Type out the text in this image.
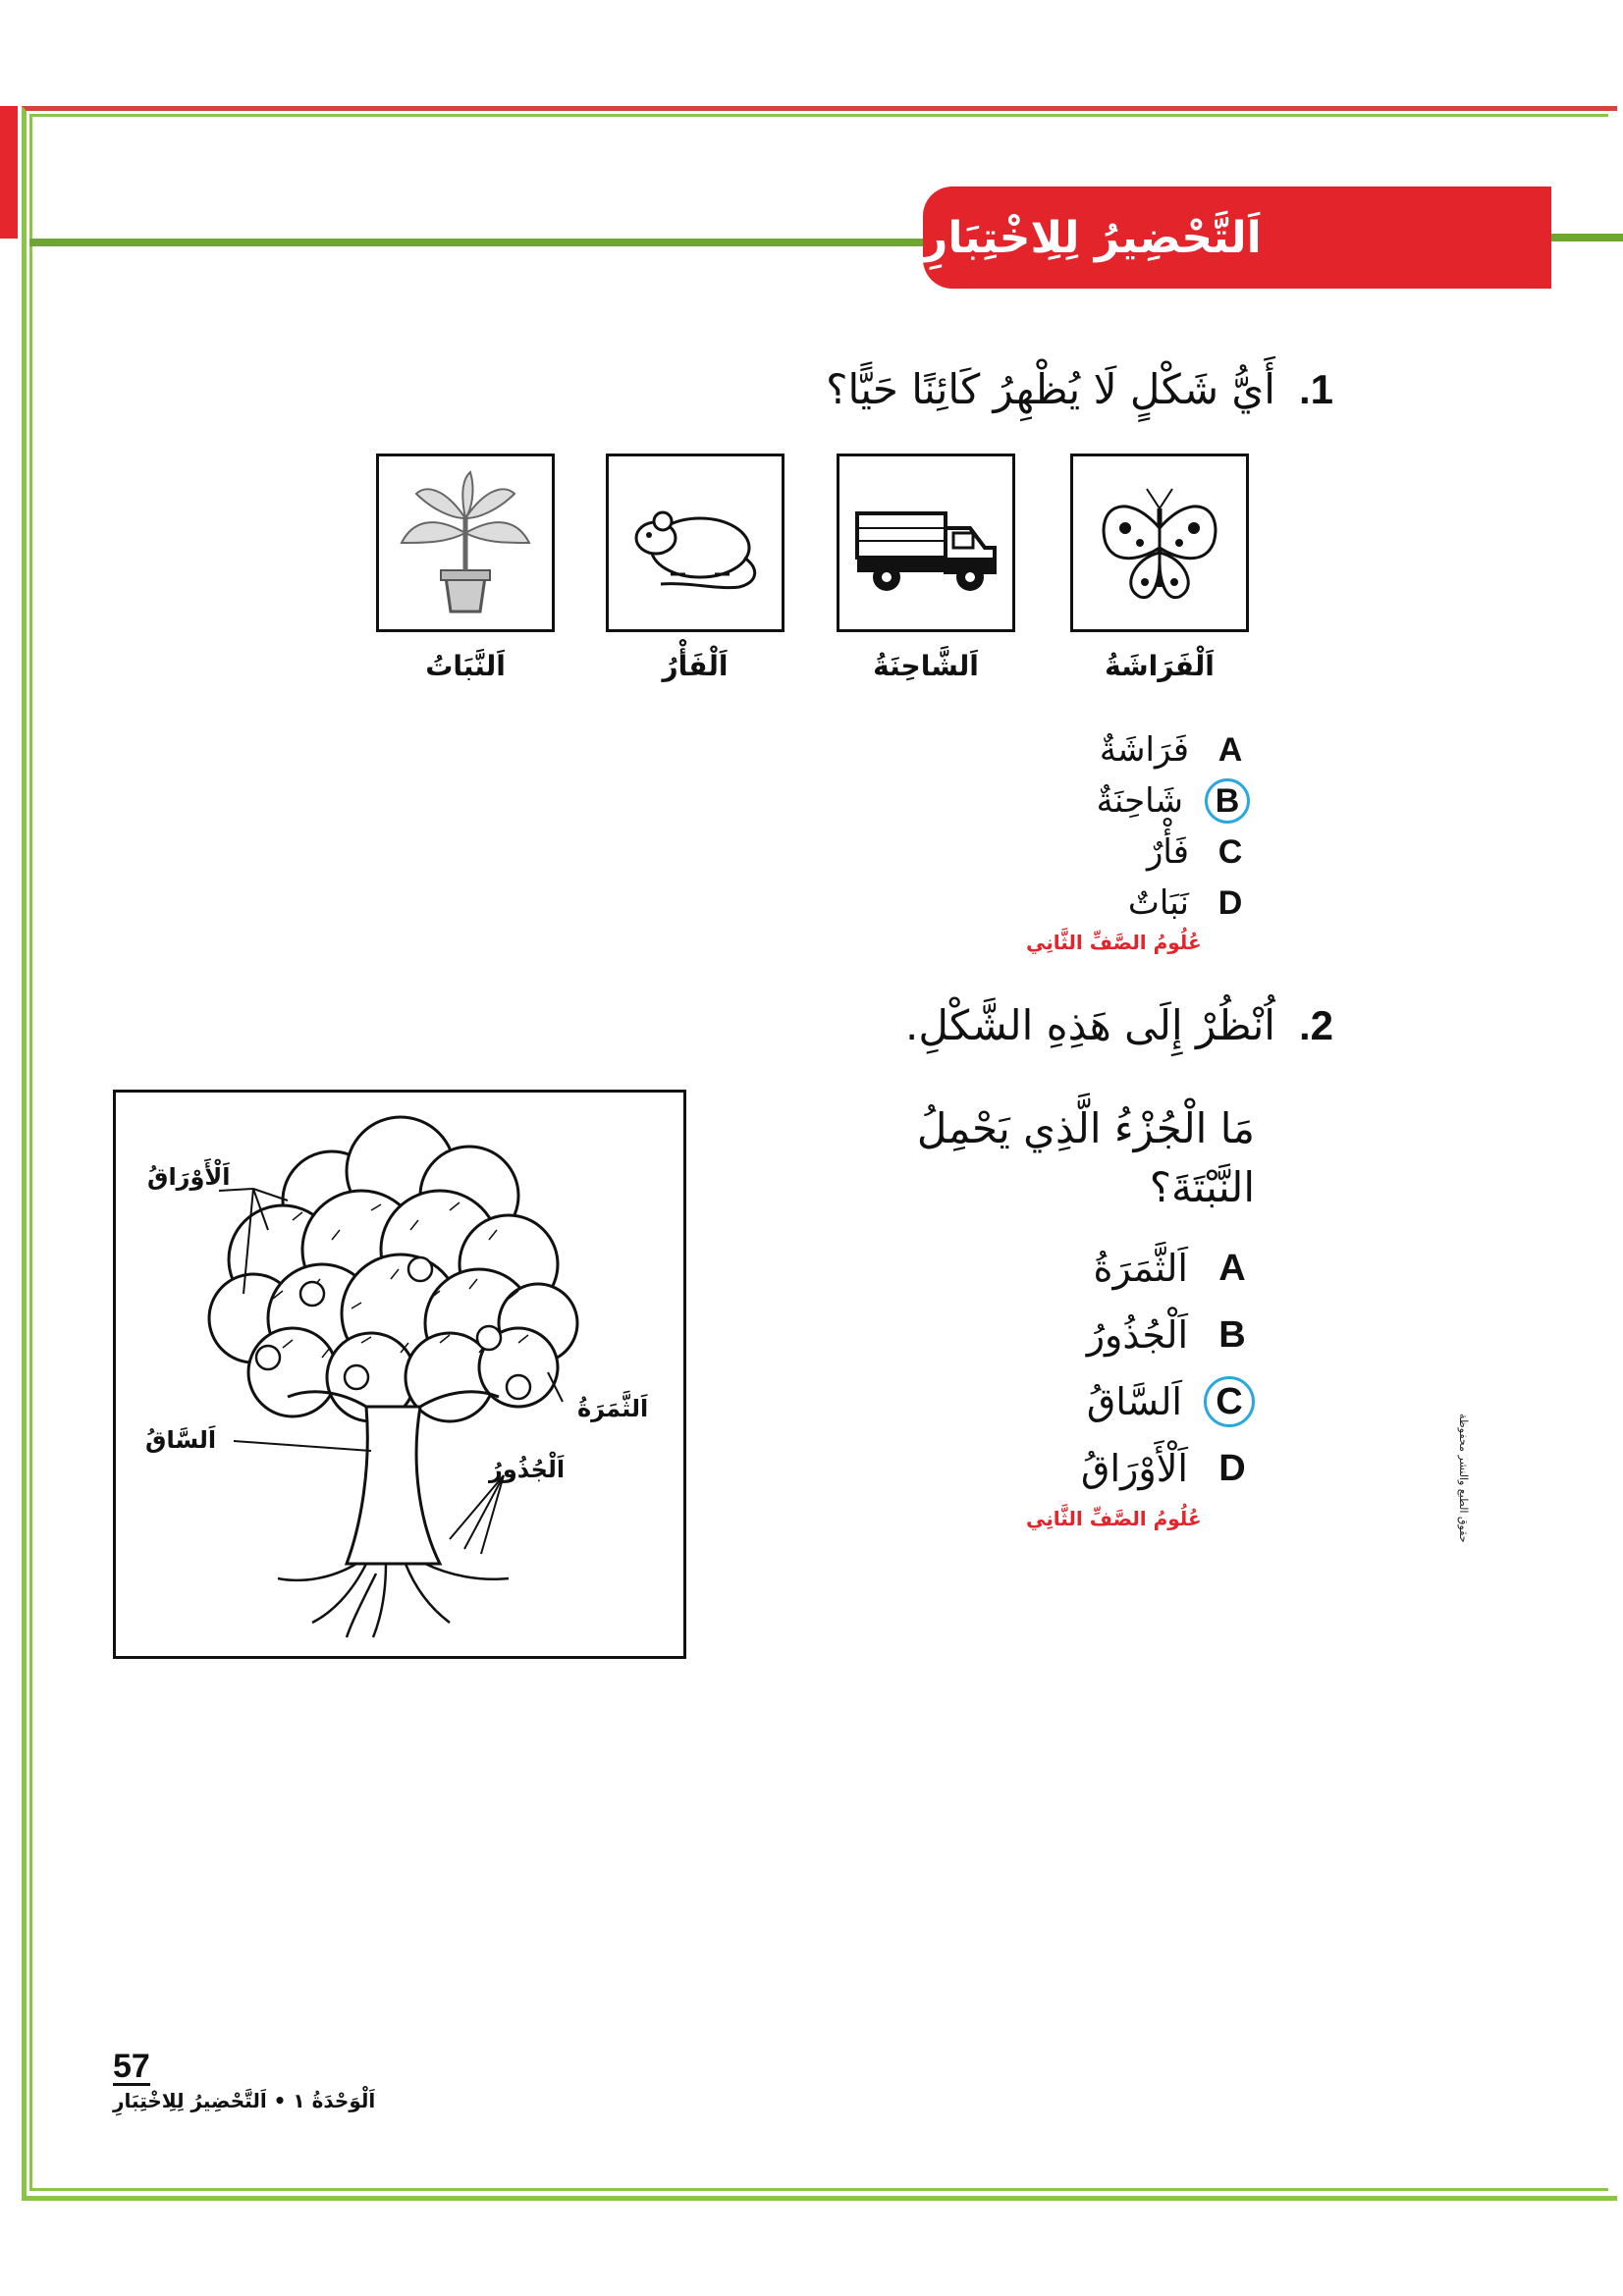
اَلتَّحْضِيرُ لِلِاخْتِبَارِ
1.
أَيُّ شَكْلٍ لَا يُظْهِرُ كَائِنًا حَيًّا؟
اَلْفَرَاشَةُ
اَلشَّاحِنَةُ
اَلْفَأْرُ
اَلنَّبَاتُ
A
فَرَاشَةٌ
B
شَاحِنَةٌ
C
فَأْرٌ
D
نَبَاتٌ
عُلُومُ الصَّفِّ الثَّانِي
2.
اُنْظُرْ إِلَى هَذِهِ الشَّكْلِ.
مَا الْجُزْءُ الَّذِي يَحْمِلُ
النَّبْتَةَ؟
A
اَلثَّمَرَةُ
B
اَلْجُذُورُ
C
اَلسَّاقُ
D
اَلْأَوْرَاقُ
عُلُومُ الصَّفِّ الثَّانِي
اَلْأَوْرَاقُ
اَلثَّمَرَةُ
اَلسَّاقُ
اَلْجُذُورُ	حقوق الطبع والنشر محفوظة
57
اَلْوَحْدَةُ ١ • اَلتَّحْضِيرُ لِلِاخْتِبَارِ
